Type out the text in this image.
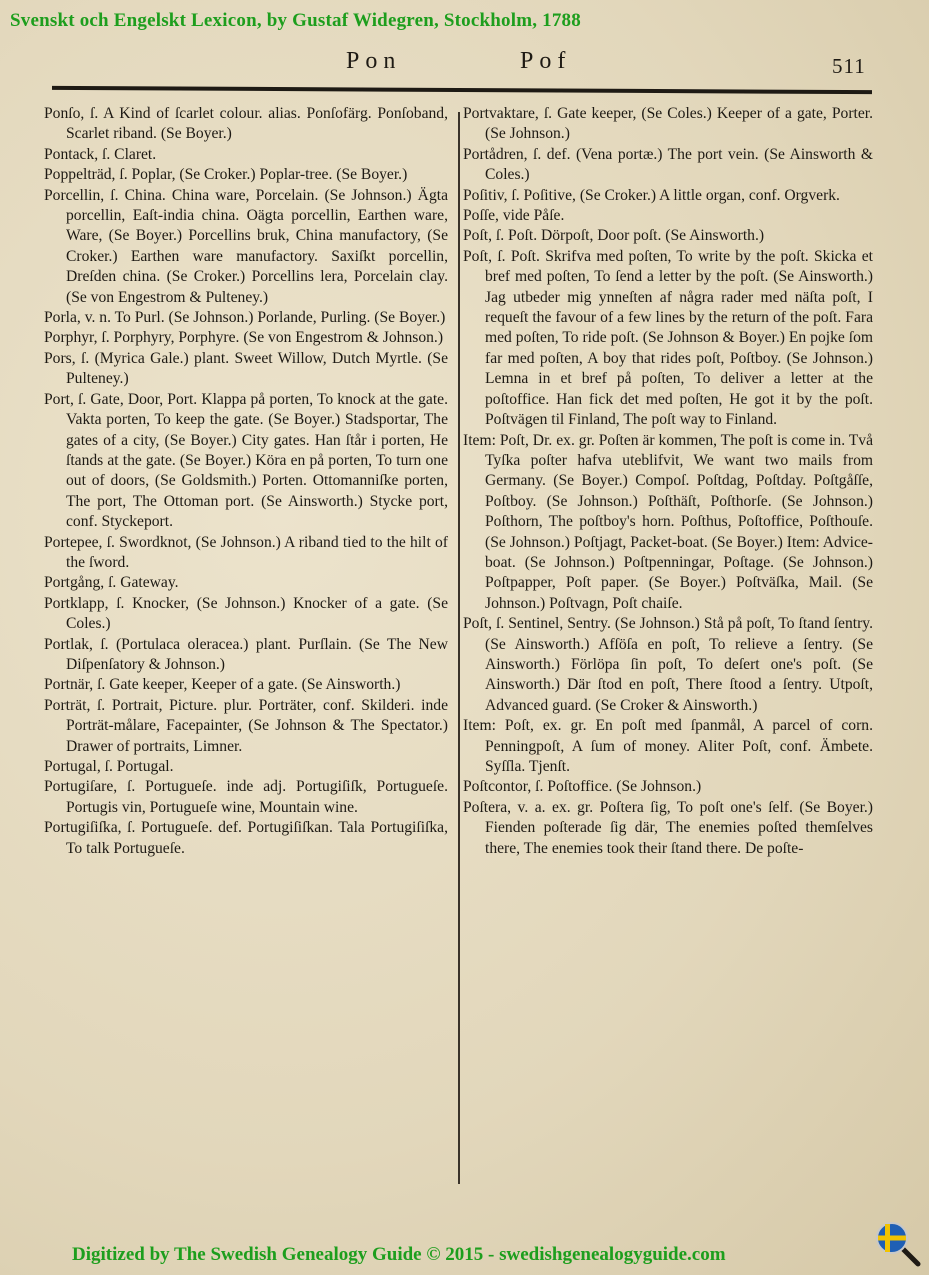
Svenskt och Engelskt Lexicon, by Gustaf Widegren, Stockholm, 1788
Pon	Pof	511

Ponſo, ſ. A Kind of ſcarlet colour. alias. Ponſofärg. Ponſoband, Scarlet riband. (Se Boyer.)

Pontack, ſ. Claret.

Poppelträd, ſ. Poplar, (Se Croker.) Poplar-tree. (Se Boyer.)

Porcellin, ſ. China. China ware, Porcelain. (Se Johnson.) Ägta porcellin, Eaſt-india china. Oägta porcellin, Earthen ware, Ware, (Se Boyer.) Porcellins bruk, China manufactory, (Se Croker.) Earthen ware manufactory. Saxiſkt porcellin, Dreſden china. (Se Croker.) Porcellins lera, Porcelain clay. (Se von Engestrom & Pulteney.)

Porla, v. n. To Purl. (Se Johnson.) Porlande, Purling. (Se Boyer.)

Porphyr, ſ. Porphyry, Porphyre. (Se von Engestrom & Johnson.)

Pors, ſ. (Myrica Gale.) plant. Sweet Willow, Dutch Myrtle. (Se Pulteney.)

Port, ſ. Gate, Door, Port. Klappa på porten, To knock at the gate. Vakta porten, To keep the gate. (Se Boyer.) Stadsportar, The gates of a city, (Se Boyer.) City gates. Han ſtår i porten, He ſtands at the gate. (Se Boyer.) Köra en på porten, To turn one out of doors, (Se Goldsmith.) Porten. Ottomanniſke porten, The port, The Ottoman port. (Se Ainsworth.) Stycke port, conf. Styckeport.

Portepee, ſ. Swordknot, (Se Johnson.) A riband tied to the hilt of the ſword.

Portgång, ſ. Gateway.

Portklapp, ſ. Knocker, (Se Johnson.) Knocker of a gate. (Se Coles.)

Portlak, ſ. (Portulaca oleracea.) plant. Purſlain. (Se The New Diſpenſatory & Johnson.)

Portnär, ſ. Gate keeper, Keeper of a gate. (Se Ainsworth.)

Porträt, ſ. Portrait, Picture. plur. Porträter, conf. Skilderi. inde Porträt-målare, Facepainter, (Se Johnson & The Spectator.) Drawer of portraits, Limner.

Portugal, ſ. Portugal.

Portugiſare, ſ. Portugueſe. inde adj. Portugiſiſk, Portugueſe. Portugis vin, Portugueſe wine, Mountain wine.

Portugiſiſka, ſ. Portugueſe. def. Portugiſiſkan. Tala Portugiſiſka, To talk Portugueſe.

Portvaktare, ſ. Gate keeper, (Se Coles.) Keeper of a gate, Porter. (Se Johnson.)

Portådren, ſ. def. (Vena portæ.) The port vein. (Se Ainsworth & Coles.)

Poſitiv, ſ. Poſitive, (Se Croker.) A little organ, conf. Orgverk.

Poſſe, vide Påſe.

Poſt, ſ. Poſt. Dörpoſt, Door poſt. (Se Ainsworth.)

Poſt, ſ. Poſt. Skrifva med poſten, To write by the poſt. Skicka et bref med poſten, To ſend a letter by the poſt. (Se Ainsworth.) Jag utbeder mig ynneſten af några rader med näſta poſt, I requeſt the favour of a few lines by the return of the poſt. Fara med poſten, To ride poſt. (Se Johnson & Boyer.) En pojke ſom far med poſten, A boy that rides poſt, Poſtboy. (Se Johnson.) Lemna in et bref på poſten, To deliver a letter at the poſtoffice. Han fick det med poſten, He got it by the poſt. Poſtvägen til Finland, The poſt way to Finland.

Item: Poſt, Dr. ex. gr. Poſten är kommen, The poſt is come in. Två Tyſka poſter hafva uteblifvit, We want two mails from Germany. (Se Boyer.) Compoſ. Poſtdag, Poſtday. Poſtgåſſe, Poſtboy. (Se Johnson.) Poſthäſt, Poſthorſe. (Se Johnson.) Poſthorn, The poſtboy's horn. Poſthus, Poſtoffice, Poſthouſe. (Se Johnson.) Poſtjagt, Packet-boat. (Se Boyer.) Item: Advice-boat. (Se Johnson.) Poſtpenningar, Poſtage. (Se Johnson.) Poſtpapper, Poſt paper. (Se Boyer.) Poſtväſka, Mail. (Se Johnson.) Poſtvagn, Poſt chaiſe.

Poſt, ſ. Sentinel, Sentry. (Se Johnson.) Stå på poſt, To ſtand ſentry. (Se Ainsworth.) Afſöſa en poſt, To relieve a ſentry. (Se Ainsworth.) Förlöpa ſin poſt, To deſert one's poſt. (Se Ainsworth.) Där ſtod en poſt, There ſtood a ſentry. Utpoſt, Advanced guard. (Se Croker & Ainsworth.)

Item: Poſt, ex. gr. En poſt med ſpanmål, A parcel of corn. Penningpoſt, A ſum of money. Aliter Poſt, conf. Ämbete. Syſſla. Tjenſt.

Poſtcontor, ſ. Poſtoffice. (Se Johnson.)

Poſtera, v. a. ex. gr. Poſtera ſig, To poſt one's ſelf. (Se Boyer.) Fienden poſterade ſig där, The enemies poſted themſelves there, The enemies took their ſtand there. De poſte-

Digitized by The Swedish Genealogy Guide © 2015 - swedishgenealogyguide.com
